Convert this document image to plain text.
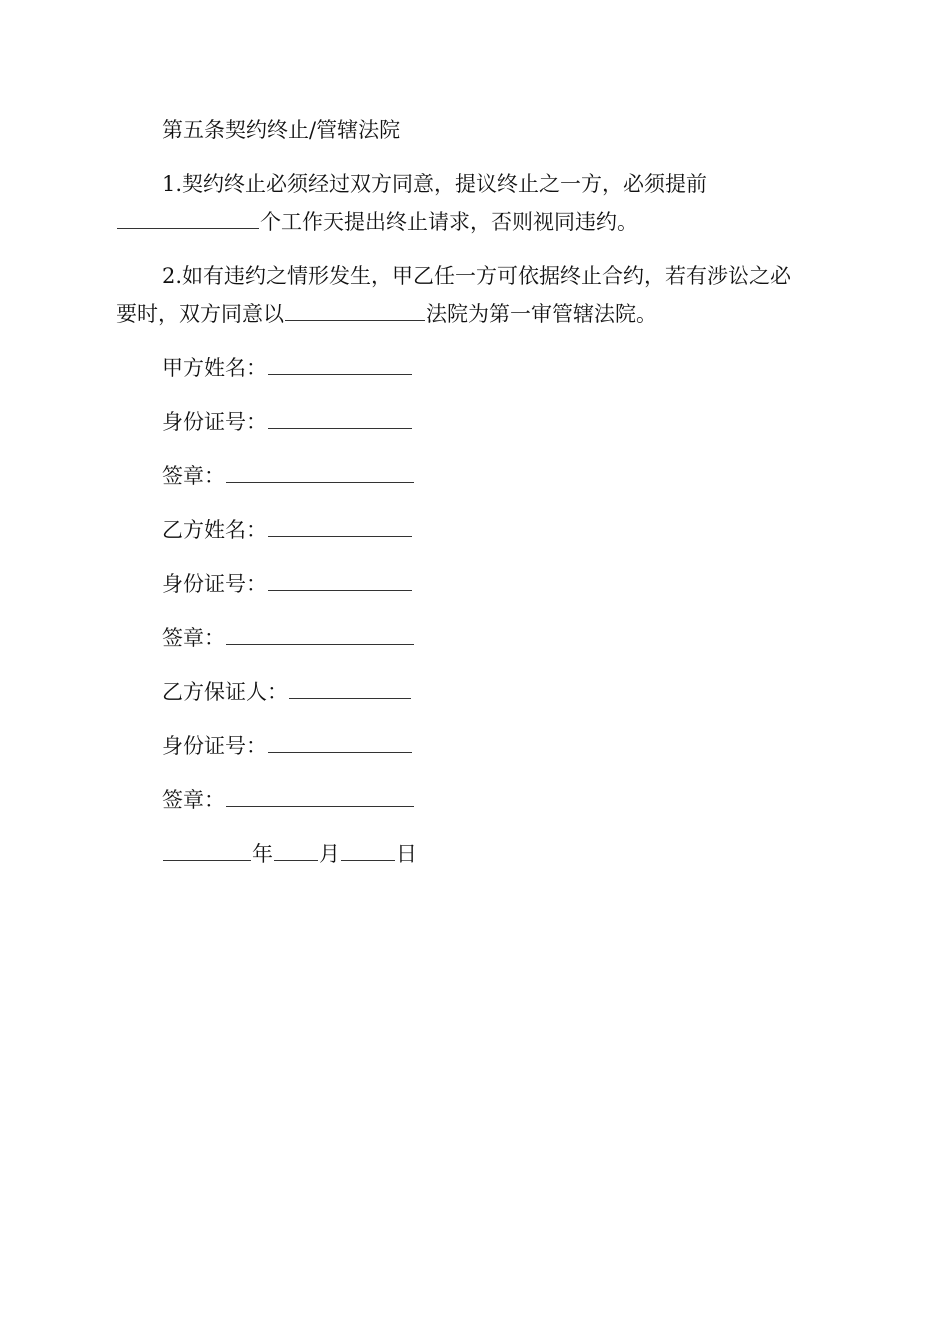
第五条契约终止/管辖法院
1.契约终止必须经过双方同意，提议终止之一方，必须提前
个工作天提出终止请求，否则视同违约。
2.如有违约之情形发生，甲乙任一方可依据终止合约，若有涉讼之必
要时，双方同意以	法院为第一审管辖法院。
甲方姓名：
身份证号：
签章：
乙方姓名：
身份证号：
签章：
乙方保证人：
身份证号：
签章：
年 月	日
